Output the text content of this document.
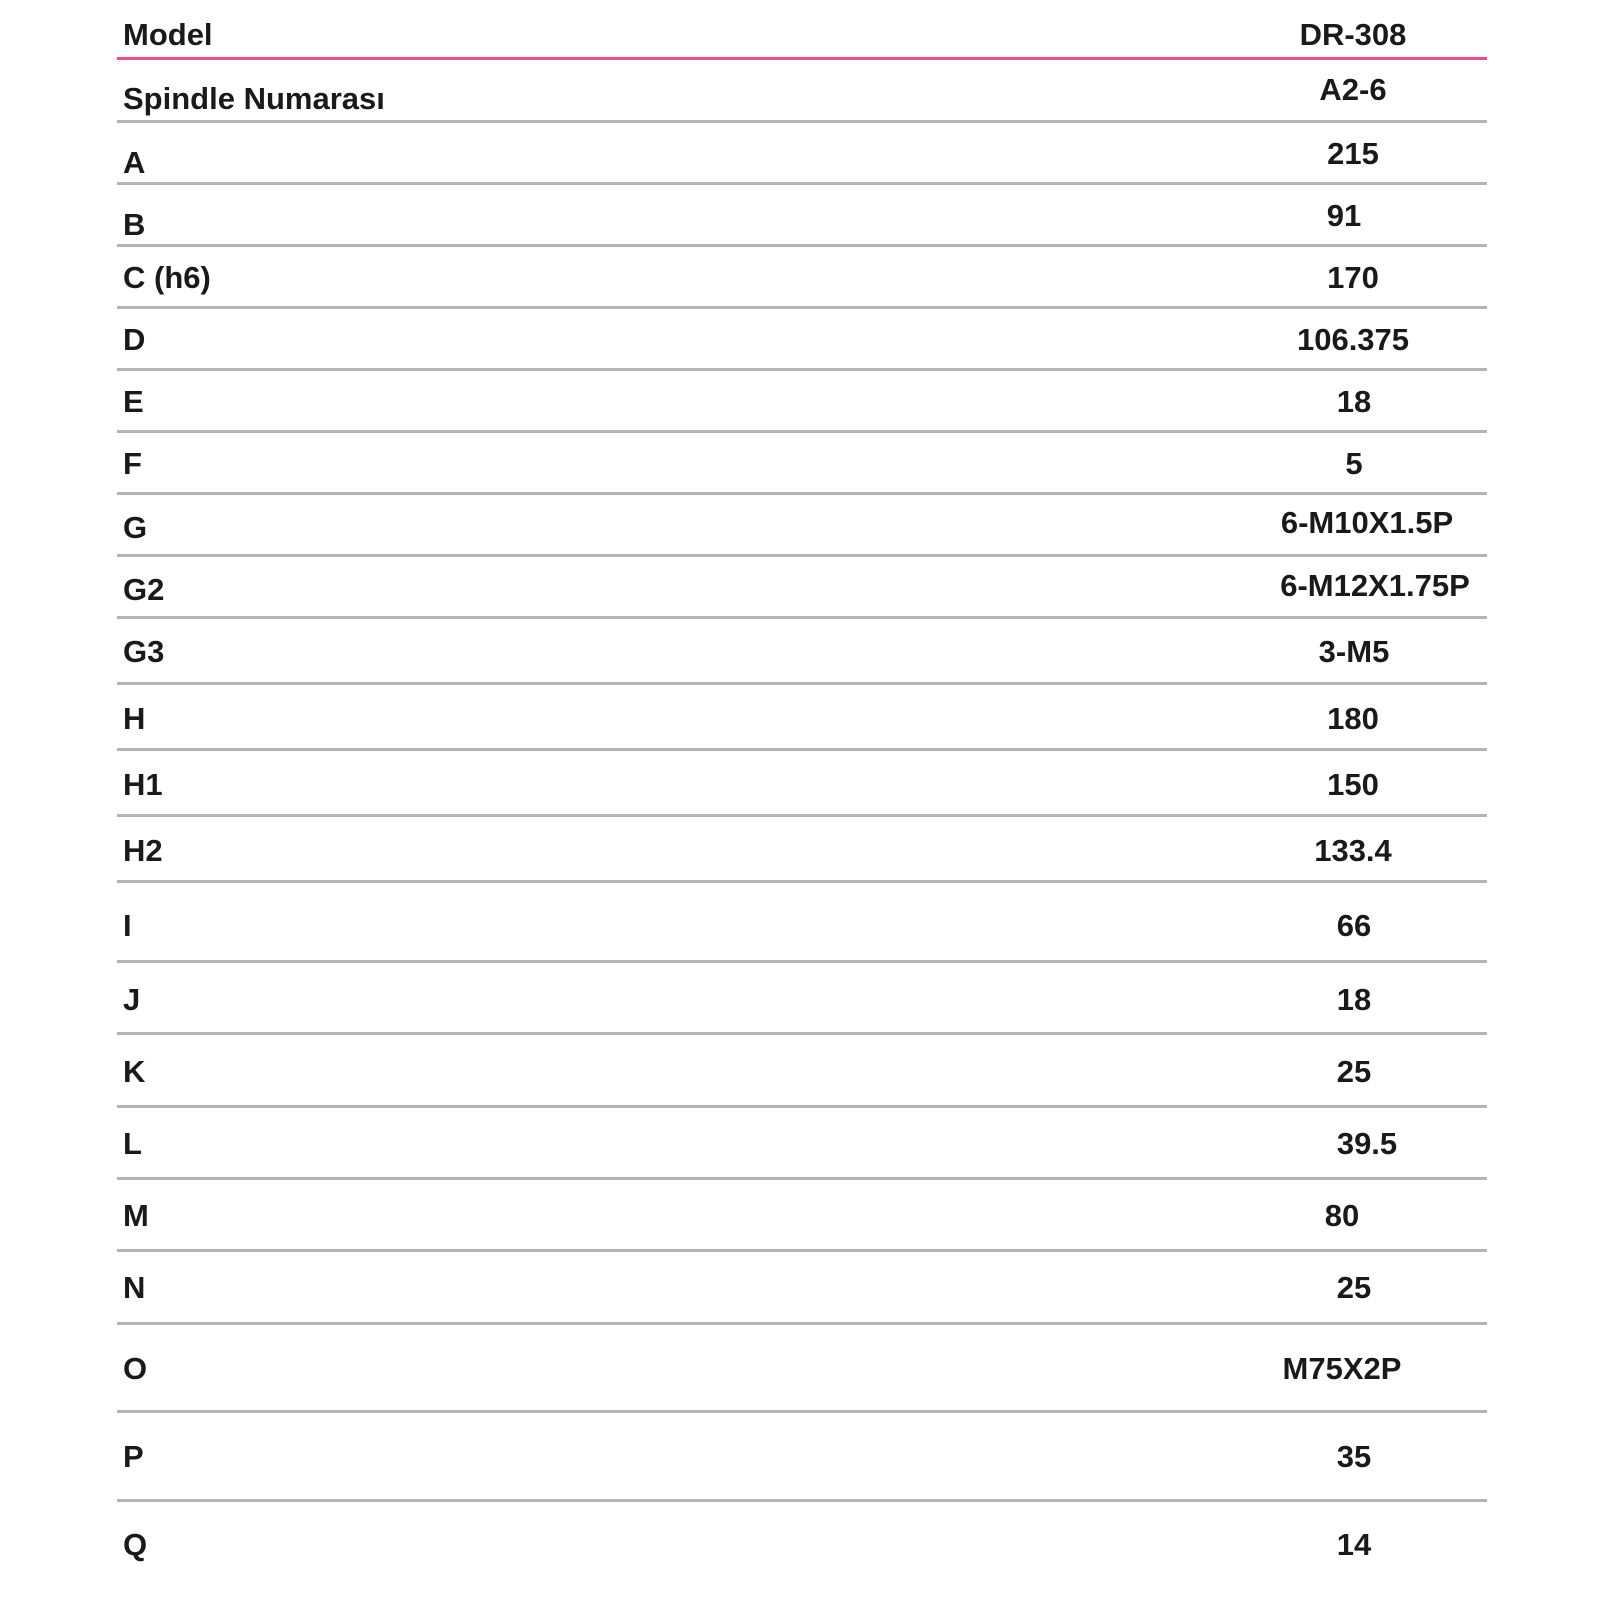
Model	DR-308
Spindle Numarası	A2-6
A	215
B	91
C (h6)	170
D	106.375
E	18
F	5
G	6-M10X1.5P
G2	6-M12X1.75P
G3	3-M5
H	180
H1	150
H2	133.4
I	66
J	18
K	25
L	39.5
M	80
N	25
O	M75X2P
P	35
Q	14
